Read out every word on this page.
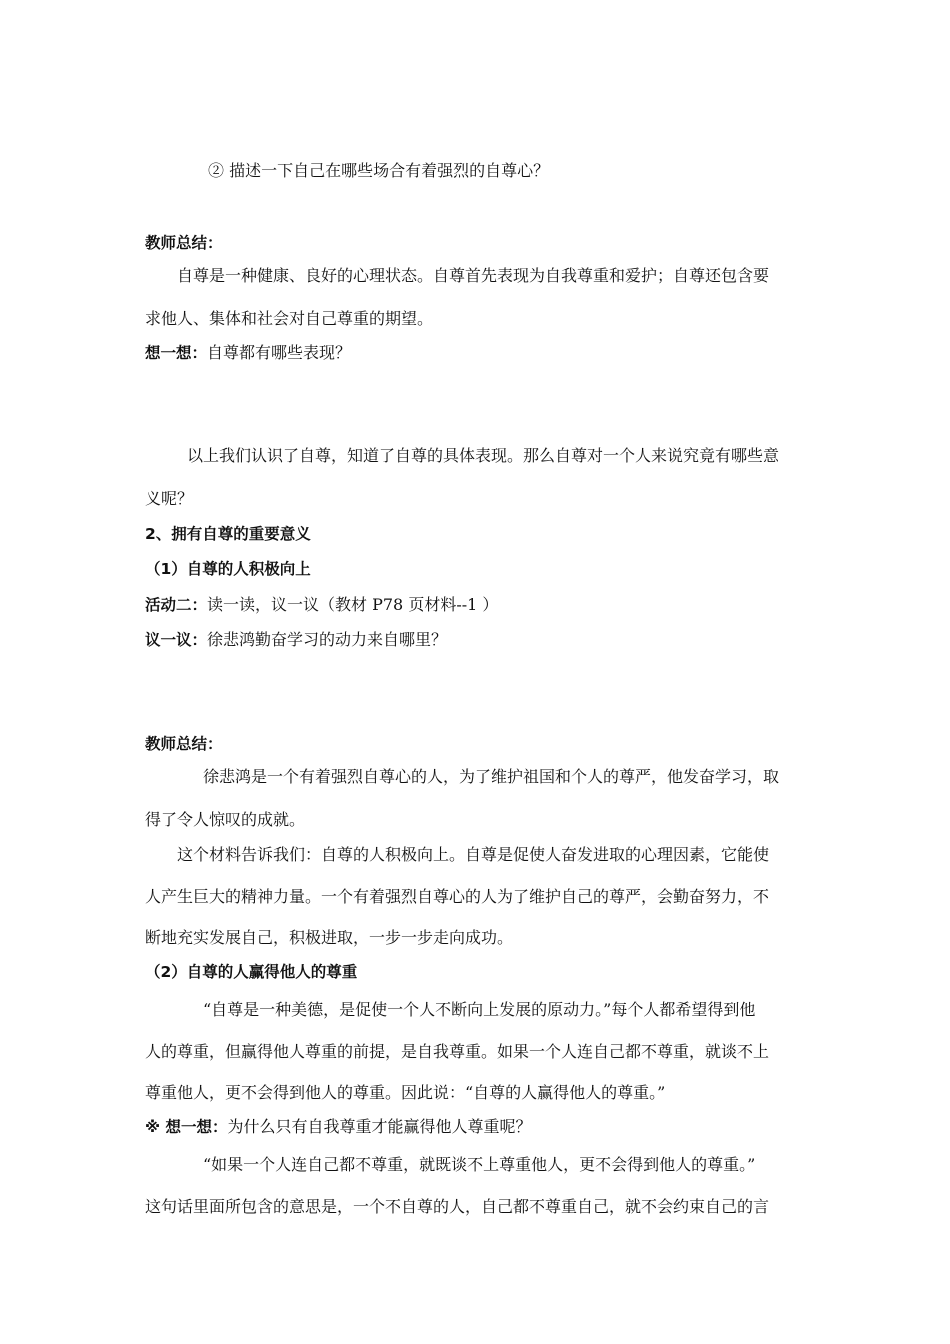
② 描述一下自己在哪些场合有着强烈的自尊心？
教师总结：
自尊是一种健康、良好的心理状态。自尊首先表现为自我尊重和爱护；自尊还包含要
求他人、集体和社会对自己尊重的期望。
想一想：自尊都有哪些表现？
以上我们认识了自尊，知道了自尊的具体表现。那么自尊对一个人来说究竟有哪些意
义呢？
2、拥有自尊的重要意义
（1）自尊的人积极向上
活动二：读一读，议一议（教材 P78 页材料--1 ）
议一议：徐悲鸿勤奋学习的动力来自哪里？
教师总结：
徐悲鸿是一个有着强烈自尊心的人，为了维护祖国和个人的尊严，他发奋学习，取
得了令人惊叹的成就。
这个材料告诉我们：自尊的人积极向上。自尊是促使人奋发进取的心理因素，它能使
人产生巨大的精神力量。一个有着强烈自尊心的人为了维护自己的尊严，会勤奋努力，不
断地充实发展自己，积极进取，一步一步走向成功。
（2）自尊的人赢得他人的尊重
“自尊是一种美德，是促使一个人不断向上发展的原动力。”每个人都希望得到他
人的尊重，但赢得他人尊重的前提，是自我尊重。如果一个人连自己都不尊重，就谈不上
尊重他人，更不会得到他人的尊重。因此说：“自尊的人赢得他人的尊重。”
※ 想一想：为什么只有自我尊重才能赢得他人尊重呢？
“如果一个人连自己都不尊重，就既谈不上尊重他人，更不会得到他人的尊重。”
这句话里面所包含的意思是，一个不自尊的人，自己都不尊重自己，就不会约束自己的言
